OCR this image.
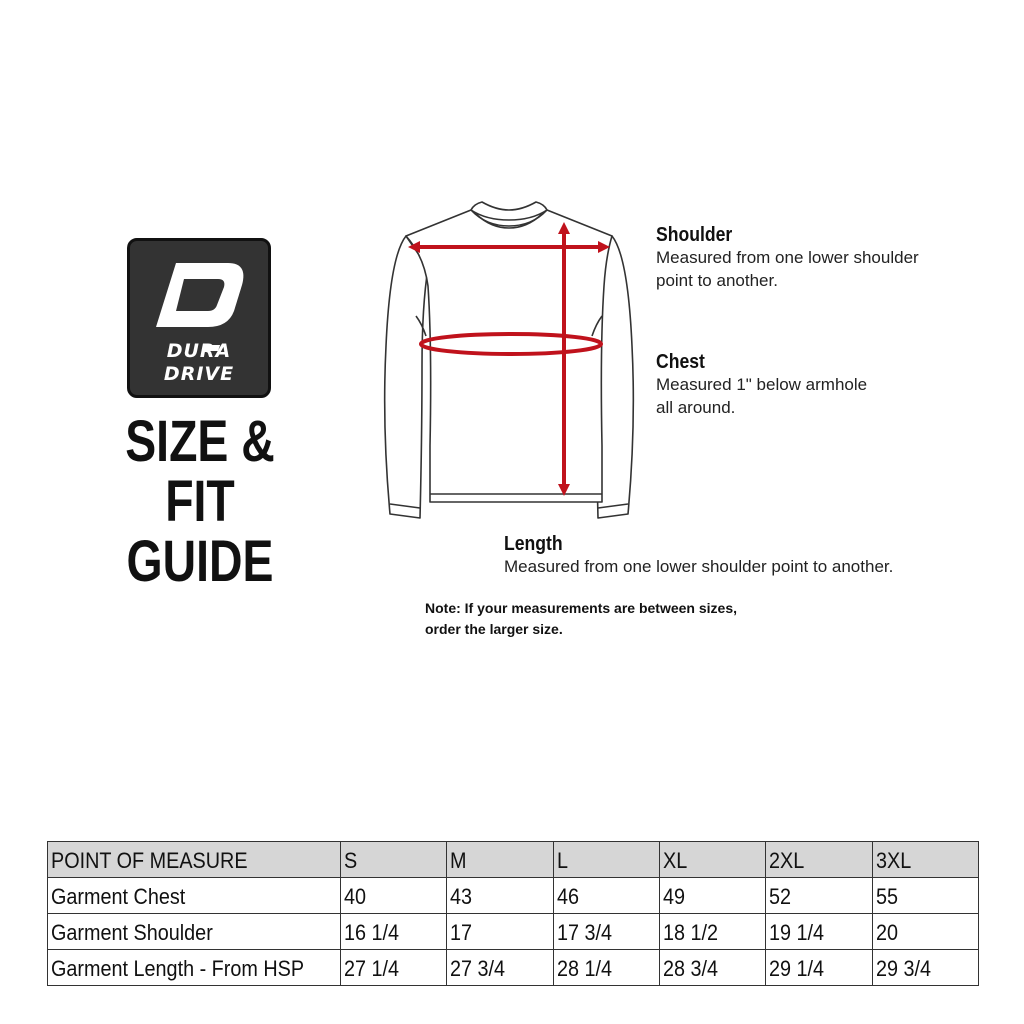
DURA
DRIVE
SIZE & FIT
GUIDE
Shoulder
Measured from one lower shoulder
point to another.
Chest
Measured 1" below armhole
all around.
Length
Measured from one lower shoulder point to another.
Note: If your measurements are between sizes,
order the larger size.
POINT OF MEASURE	S	M	L	XL	2XL	3XL
Garment Chest	40	43	46	49	52	55
Garment Shoulder	16 1/4	17	17 3/4	18 1/2	19 1/4	20
Garment Length - From HSP	27 1/4	27 3/4	28 1/4	28 3/4	29 1/4	29 3/4
